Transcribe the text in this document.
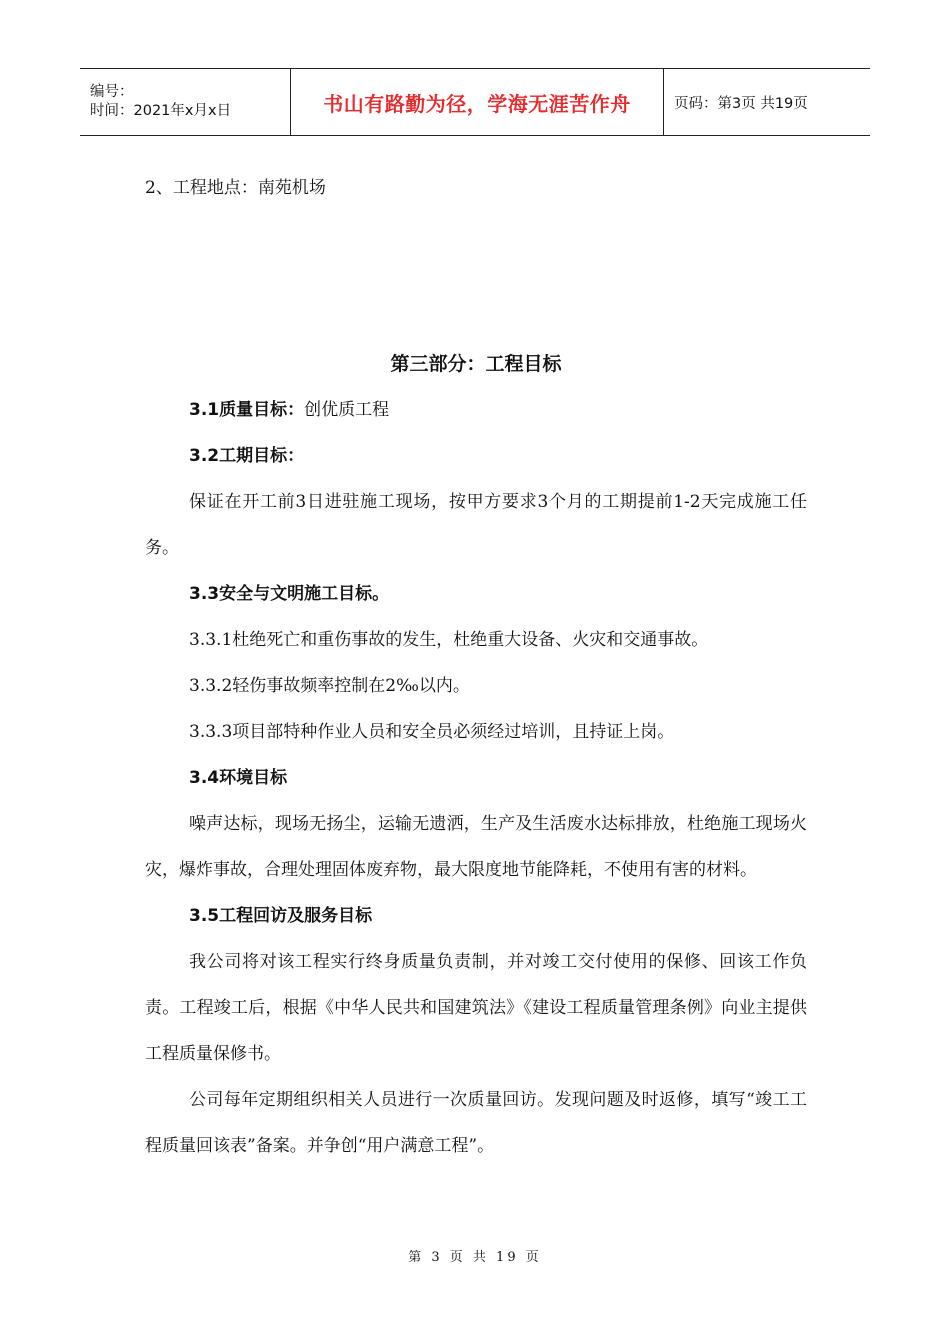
编号：
时间：2021年x月x日	书山有路勤为径，学海无涯苦作舟	页码：第3页 共19页

2、工程地点：南苑机场

第三部分：工程目标

3.1质量目标：创优质工程

3.2工期目标：

保证在开工前3日进驻施工现场，按甲方要求3个月的工期提前1-2天完成施工任务。

3.3安全与文明施工目标。

3.3.1杜绝死亡和重伤事故的发生，杜绝重大设备、火灾和交通事故。

3.3.2轻伤事故频率控制在2‰以内。

3.3.3项目部特种作业人员和安全员必须经过培训，且持证上岗。

3.4环境目标

噪声达标，现场无扬尘，运输无遗洒，生产及生活废水达标排放，杜绝施工现场火灾，爆炸事故，合理处理固体废弃物，最大限度地节能降耗，不使用有害的材料。

3.5工程回访及服务目标

我公司将对该工程实行终身质量负责制，并对竣工交付使用的保修、回该工作负责。工程竣工后，根据《中华人民共和国建筑法》《建设工程质量管理条例》向业主提供工程质量保修书。

公司每年定期组织相关人员进行一次质量回访。发现问题及时返修，填写“竣工工程质量回该表”备案。并争创“用户满意工程”。

第 3 页 共 19 页
